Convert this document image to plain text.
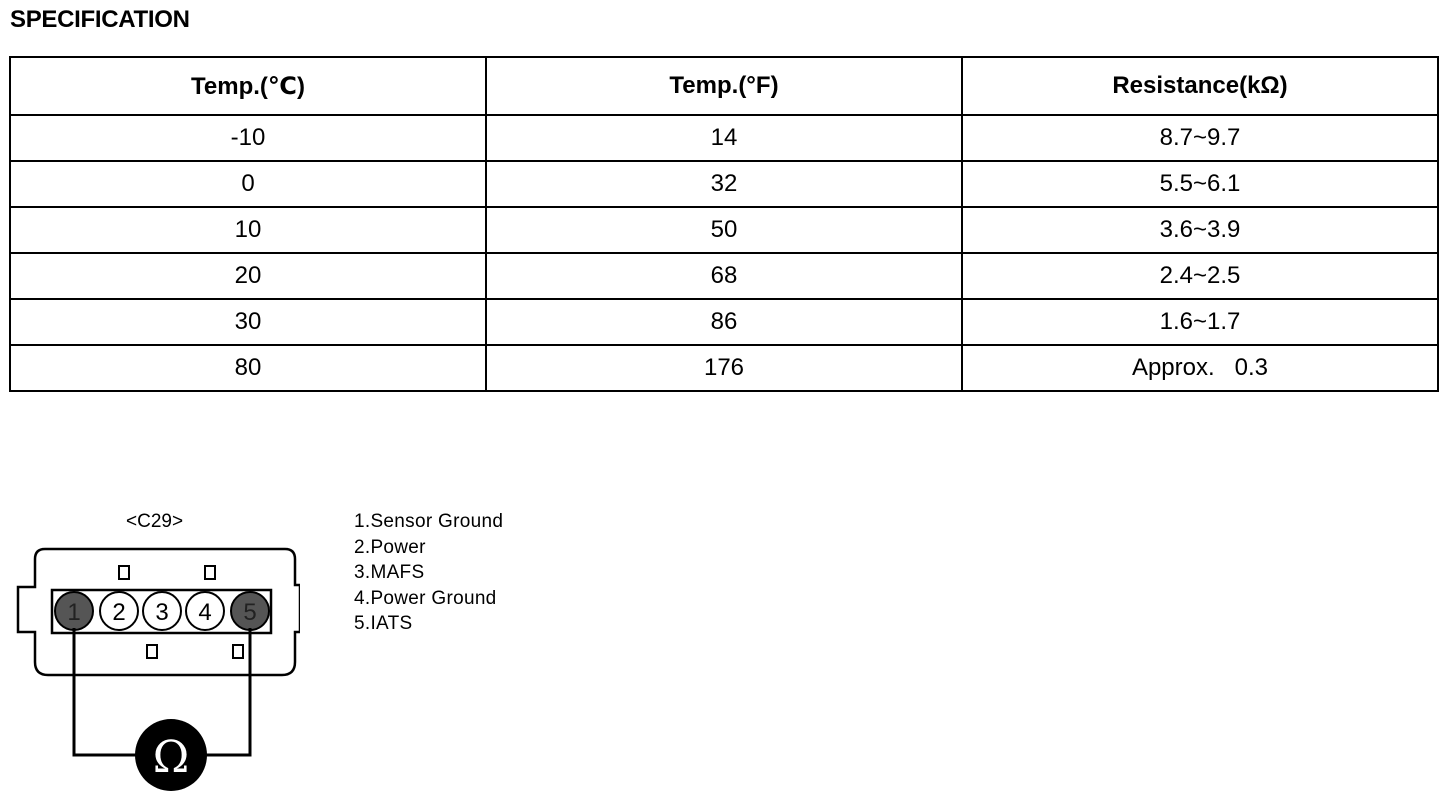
SPECIFICATION
Temp.(℃)	Temp.(°F)	Resistance(kΩ)
-10	14	8.7~9.7
0	32	5.5~6.1
10	50	3.6~3.9
20	68	2.4~2.5
30	86	1.6~1.7
80	176	Approx.   0.3
<C29>
1 2 3 4 5
Ω
1.Sensor Ground
2.Power
3.MAFS
4.Power Ground
5.IATS
